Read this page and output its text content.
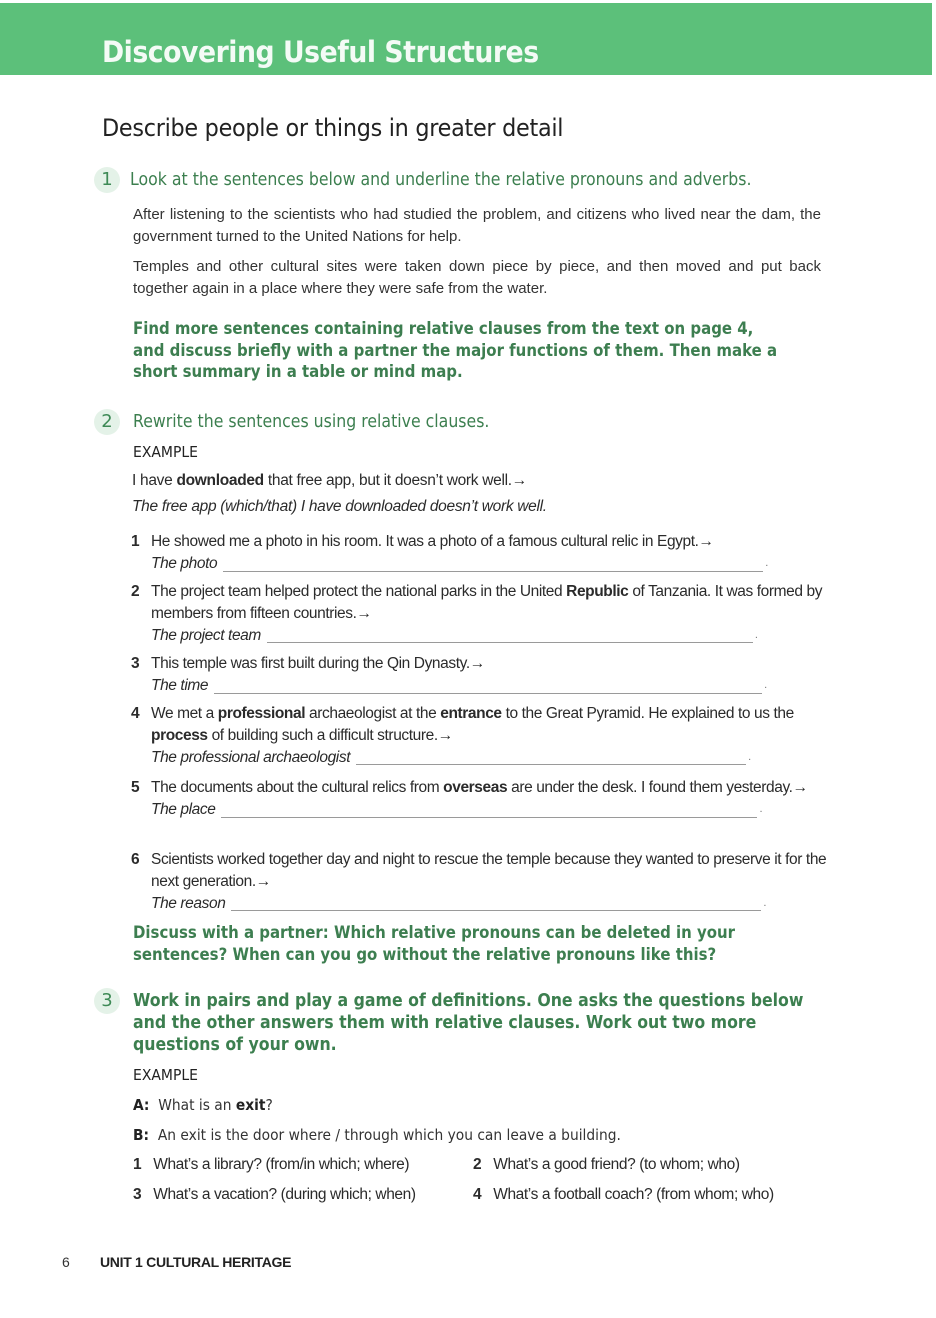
Discovering Useful Structures
Describe people or things in greater detail
1 Look at the sentences below and underline the relative pronouns and adverbs.
After listening to the scientists who had studied the problem, and citizens who lived near the dam, the government turned to the United Nations for help.
Temples and other cultural sites were taken down piece by piece, and then moved and put back together again in a place where they were safe from the water.
Find more sentences containing relative clauses from the text on page 4, and discuss briefly with a partner the major functions of them. Then make a short summary in a table or mind map.
2	Rewrite the sentences using relative clauses.
EXAMPLE
I have downloaded that free app, but it doesn’t work well.→
The free app (which/that) I have downloaded doesn’t work well.
1 He showed me a photo in his room. It was a photo of a famous cultural relic in Egypt.→
The photo	.
2 The project team helped protect the national parks in the United Republic of Tanzania. It was formed by members from fifteen countries.→
The project team	.
3 This temple was first built during the Qin Dynasty.→
The time	.
4 We met a professional archaeologist at the entrance to the Great Pyramid. He explained to us the process of building such a difficult structure.→
The professional archaeologist	.
5 The documents about the cultural relics from overseas are under the desk. I found them yesterday.→
The place	.
6 Scientists worked together day and night to rescue the temple because they wanted to preserve it for the next generation.→
The reason	.
Discuss with a partner: Which relative pronouns can be deleted in your sentences? When can you go without the relative pronouns like this?
3	Work in pairs and play a game of definitions. One asks the questions below and the other answers them with relative clauses. Work out two more questions of your own.
EXAMPLE
A: What is an exit?
B: An exit is the door where / through which you can leave a building.
1 What’s a library? (from/in which; where)	2 What’s a good friend? (to whom; who)
3 What’s a vacation? (during which; when)	4 What’s a football coach? (from whom; who)
6 UNIT 1 CULTURAL HERITAGE
